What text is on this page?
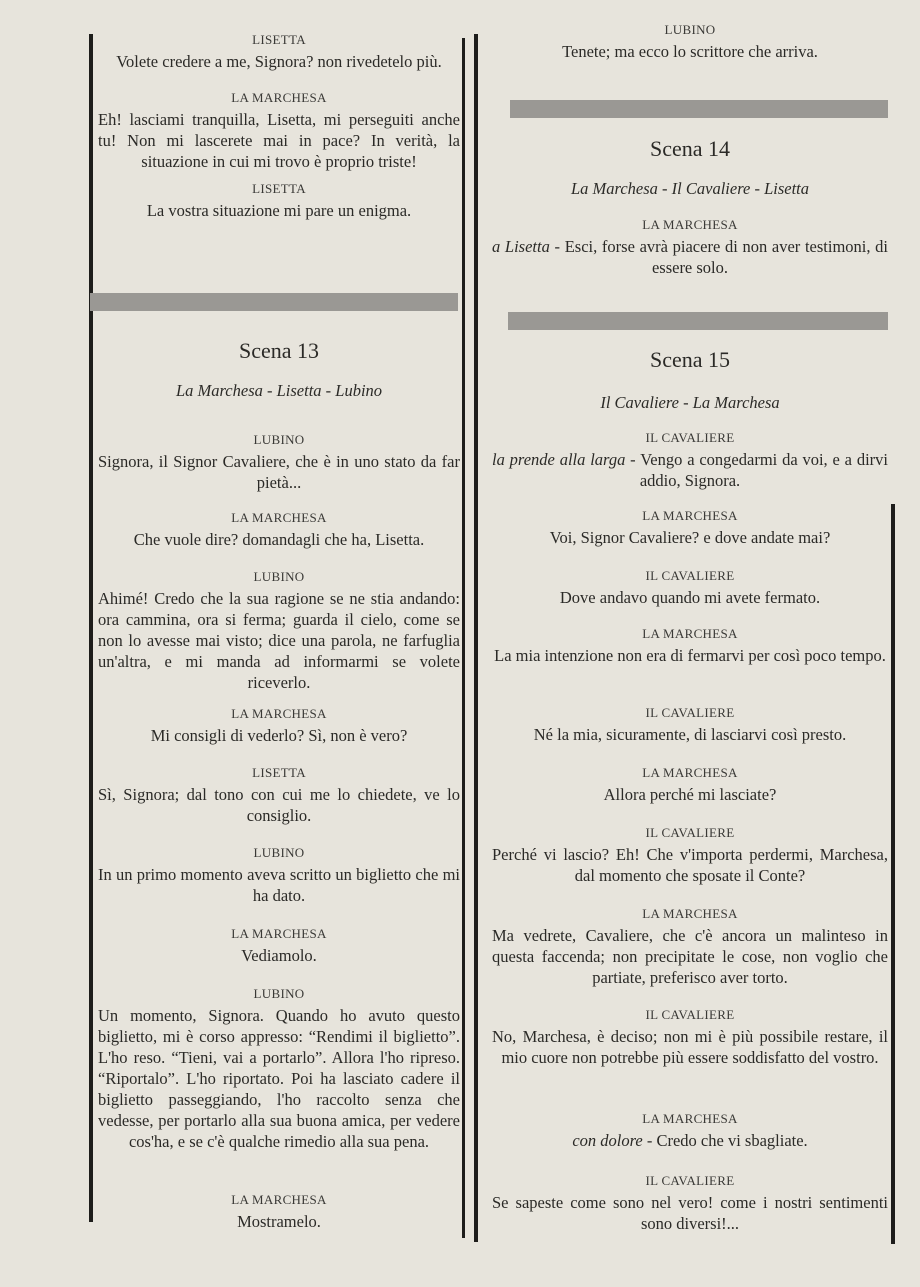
LISETTA
Volete credere a me, Signora? non rivedetelo più.
LA MARCHESA
Eh! lasciami tranquilla, Lisetta, mi perseguiti anche tu! Non mi lascerete mai in pace? In verità, la situazione in cui mi trovo è proprio triste!
LISETTA
La vostra situazione mi pare un enigma.
Scena 13
La Marchesa - Lisetta - Lubino
LUBINO
Signora, il Signor Cavaliere, che è in uno stato da far pietà...
LA MARCHESA
Che vuole dire? domandagli che ha, Lisetta.
LUBINO
Ahimé! Credo che la sua ragione se ne stia andando: ora cammina, ora si ferma; guarda il cielo, come se non lo avesse mai visto; dice una parola, ne farfuglia un'altra, e mi manda ad informarmi se volete riceverlo.
LA MARCHESA
Mi consigli di vederlo? Sì, non è vero?
LISETTA
Sì, Signora; dal tono con cui me lo chiedete, ve lo consiglio.
LUBINO
In un primo momento aveva scritto un biglietto che mi ha dato.
LA MARCHESA
Vediamolo.
LUBINO
Un momento, Signora. Quando ho avuto questo biglietto, mi è corso appresso: “Rendimi il biglietto”. L'ho reso. “Tieni, vai a portarlo”. Allora l'ho ripreso. “Riportalo”. L'ho riportato. Poi ha lasciato cadere il biglietto passeggiando, l'ho raccolto senza che vedesse, per portarlo alla sua buona amica, per vedere cos'ha, e se c'è qualche rimedio alla sua pena.
LA MARCHESA
Mostramelo.
LUBINO
Tenete; ma ecco lo scrittore che arriva.
Scena 14
La Marchesa - Il Cavaliere - Lisetta
LA MARCHESA
a Lisetta - Esci, forse avrà piacere di non aver testimoni, di essere solo.
Scena 15
Il Cavaliere - La Marchesa
IL CAVALIERE
la prende alla larga - Vengo a congedarmi da voi, e a dirvi addio, Signora.
LA MARCHESA
Voi, Signor Cavaliere? e dove andate mai?
IL CAVALIERE
Dove andavo quando mi avete fermato.
LA MARCHESA
La mia intenzione non era di fermarvi per così poco tempo.
IL CAVALIERE
Né la mia, sicuramente, di lasciarvi così presto.
LA MARCHESA
Allora perché mi lasciate?
IL CAVALIERE
Perché vi lascio? Eh! Che v'importa perdermi, Marchesa, dal momento che sposate il Conte?
LA MARCHESA
Ma vedrete, Cavaliere, che c'è ancora un malinteso in questa faccenda; non precipitate le cose, non voglio che partiate, preferisco aver torto.
IL CAVALIERE
No, Marchesa, è deciso; non mi è più possibile restare, il mio cuore non potrebbe più essere soddisfatto del vostro.
LA MARCHESA
con dolore - Credo che vi sbagliate.
IL CAVALIERE
Se sapeste come sono nel vero! come i nostri sentimenti sono diversi!...
